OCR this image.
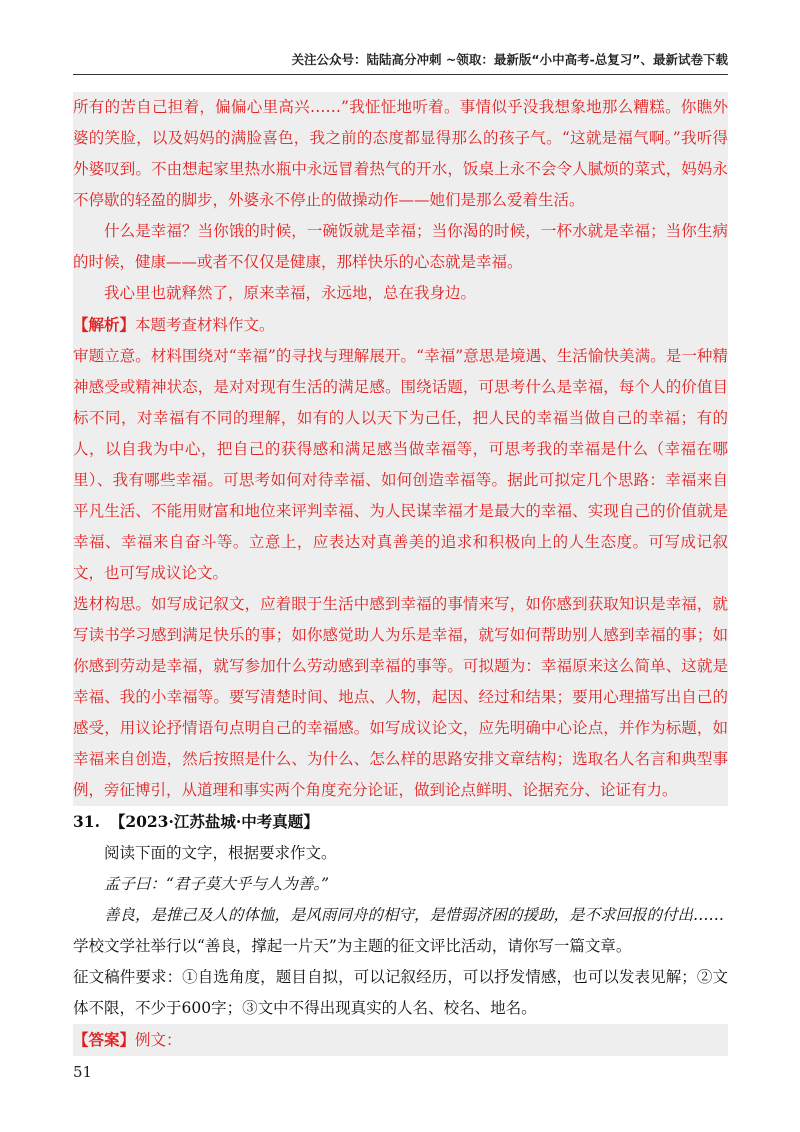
关注公众号：陆陆高分冲刺 ~领取：最新版“小中高考-总复习”、最新试卷下载

所有的苦自己担着，偏偏心里高兴……”我怔怔地听着。事情似乎没我想象地那么糟糕。你瞧外婆的笑脸，以及妈妈的满脸喜色，我之前的态度都显得那么的孩子气。“这就是福气啊。”我听得外婆叹到。不由想起家里热水瓶中永远冒着热气的开水，饭桌上永不会令人腻烦的菜式，妈妈永不停歇的轻盈的脚步，外婆永不停止的做操动作——她们是那么爱着生活。

什么是幸福？当你饿的时候，一碗饭就是幸福；当你渴的时候，一杯水就是幸福；当你生病的时候，健康——或者不仅仅是健康，那样快乐的心态就是幸福。

我心里也就释然了，原来幸福，永远地，总在我身边。

【解析】本题考查材料作文。

审题立意。材料围绕对“幸福”的寻找与理解展开。“幸福”意思是境遇、生活愉快美满。是一种精神感受或精神状态，是对对现有生活的满足感。围绕话题，可思考什么是幸福，每个人的价值目标不同，对幸福有不同的理解，如有的人以天下为己任，把人民的幸福当做自己的幸福；有的人，以自我为中心，把自己的获得感和满足感当做幸福等，可思考我的幸福是什么（幸福在哪里）、我有哪些幸福。可思考如何对待幸福、如何创造幸福等。据此可拟定几个思路：幸福来自平凡生活、不能用财富和地位来评判幸福、为人民谋幸福才是最大的幸福、实现自己的价值就是幸福、幸福来自奋斗等。立意上，应表达对真善美的追求和积极向上的人生态度。可写成记叙文，也可写成议论文。

选材构思。如写成记叙文，应着眼于生活中感到幸福的事情来写，如你感到获取知识是幸福，就写读书学习感到满足快乐的事；如你感觉助人为乐是幸福，就写如何帮助别人感到幸福的事；如你感到劳动是幸福，就写参加什么劳动感到幸福的事等。可拟题为：幸福原来这么简单、这就是幸福、我的小幸福等。要写清楚时间、地点、人物，起因、经过和结果；要用心理描写出自己的感受，用议论抒情语句点明自己的幸福感。如写成议论文，应先明确中心论点，并作为标题，如幸福来自创造，然后按照是什么、为什么、怎么样的思路安排文章结构；选取名人名言和典型事例，旁征博引，从道理和事实两个角度充分论证，做到论点鲜明、论据充分、论证有力。

31. 【2023·江苏盐城·中考真题】

阅读下面的文字，根据要求作文。

孟子曰：“君子莫大乎与人为善。”

善良，是推己及人的体恤，是风雨同舟的相守，是惜弱济困的援助，是不求回报的付出……

学校文学社举行以“善良，撑起一片天”为主题的征文评比活动，请你写一篇文章。

征文稿件要求：①自选角度，题目自拟，可以记叙经历，可以抒发情感，也可以发表见解；②文体不限，不少于600字；③文中不得出现真实的人名、校名、地名。

【答案】例文：

51
